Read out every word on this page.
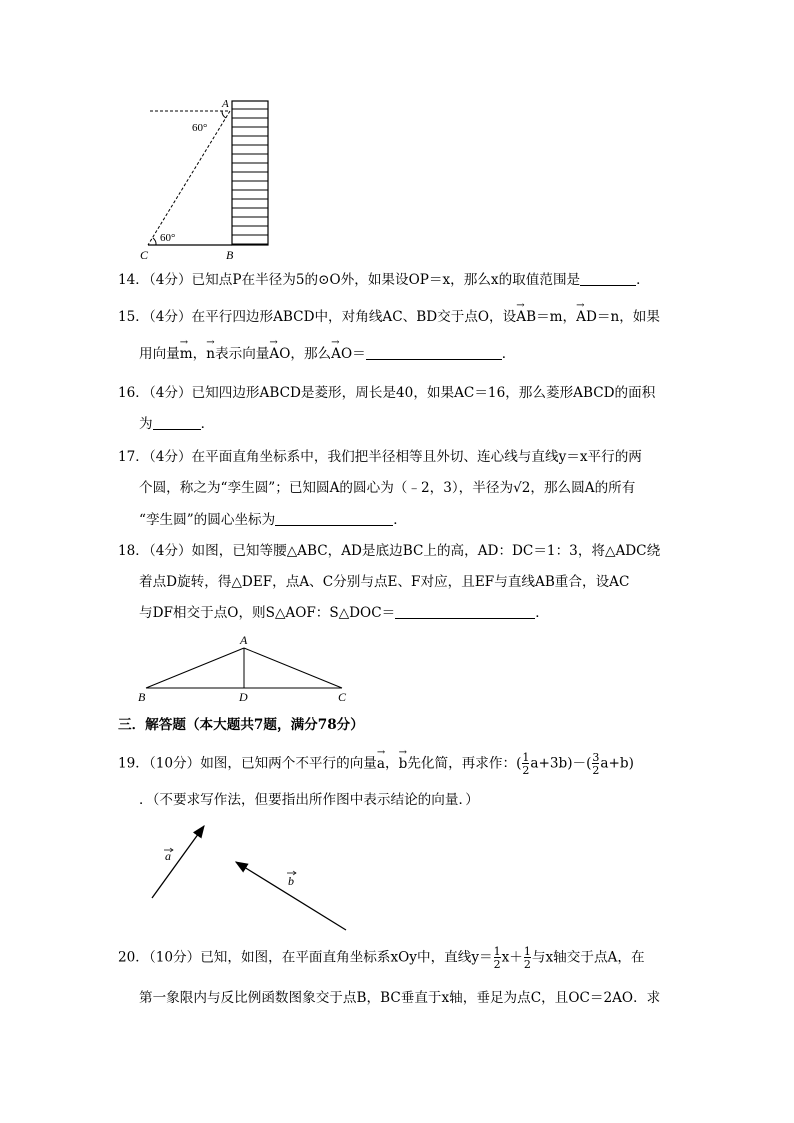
A
60°
C
60°
B
14．（4分）已知点P在半径为5的⊙O外，如果设OP＝x，那么x的取值范围是	．
15．（4分）在平行四边形ABCD中，对角线AC、BD交于点O，设→ AB＝m，→ AD＝n，如果
用向量→ m，→ n表示向量→ AO，那么→ AO＝	．
16．（4分）已知四边形ABCD是菱形，周长是40，如果AC＝16，那么菱形ABCD的面积
为	．
17．（4分）在平面直角坐标系中，我们把半径相等且外切、连心线与直线y＝x平行的两
个圆，称之为“孪生圆”；已知圆A的圆心为（﹣2，3），半径为√2，那么圆A的所有
“孪生圆”的圆心坐标为	．
18．（4分）如图，已知等腰△ABC，AD是底边BC上的高，AD：DC＝1：3，将△ADC绕
着点D旋转，得△DEF，点A、C分别与点E、F对应，且EF与直线AB重合，设AC
与DF相交于点O，则S△AOF：S△DOC＝	．
A
B	D	C
三．解答题（本大题共7题，满分78分）
19．（10分）如图，已知两个不平行的向量→ a，→ b先化简，再求作：( $\frac{1}{2} a+3b)-( \frac{3}{2} a+b)$
．（不要求写作法，但要指出所作图中表示结论的向量．）
a
b
20．（10分）已知，如图，在平面直角坐标系xOy中，直线$y= \frac{1}{2} x+ \frac{1}{2}$ 与x轴交于点A，在
第一象限内与反比例函数图象交于点B，BC垂直于x轴，垂足为点C，且OC＝2AO．求
